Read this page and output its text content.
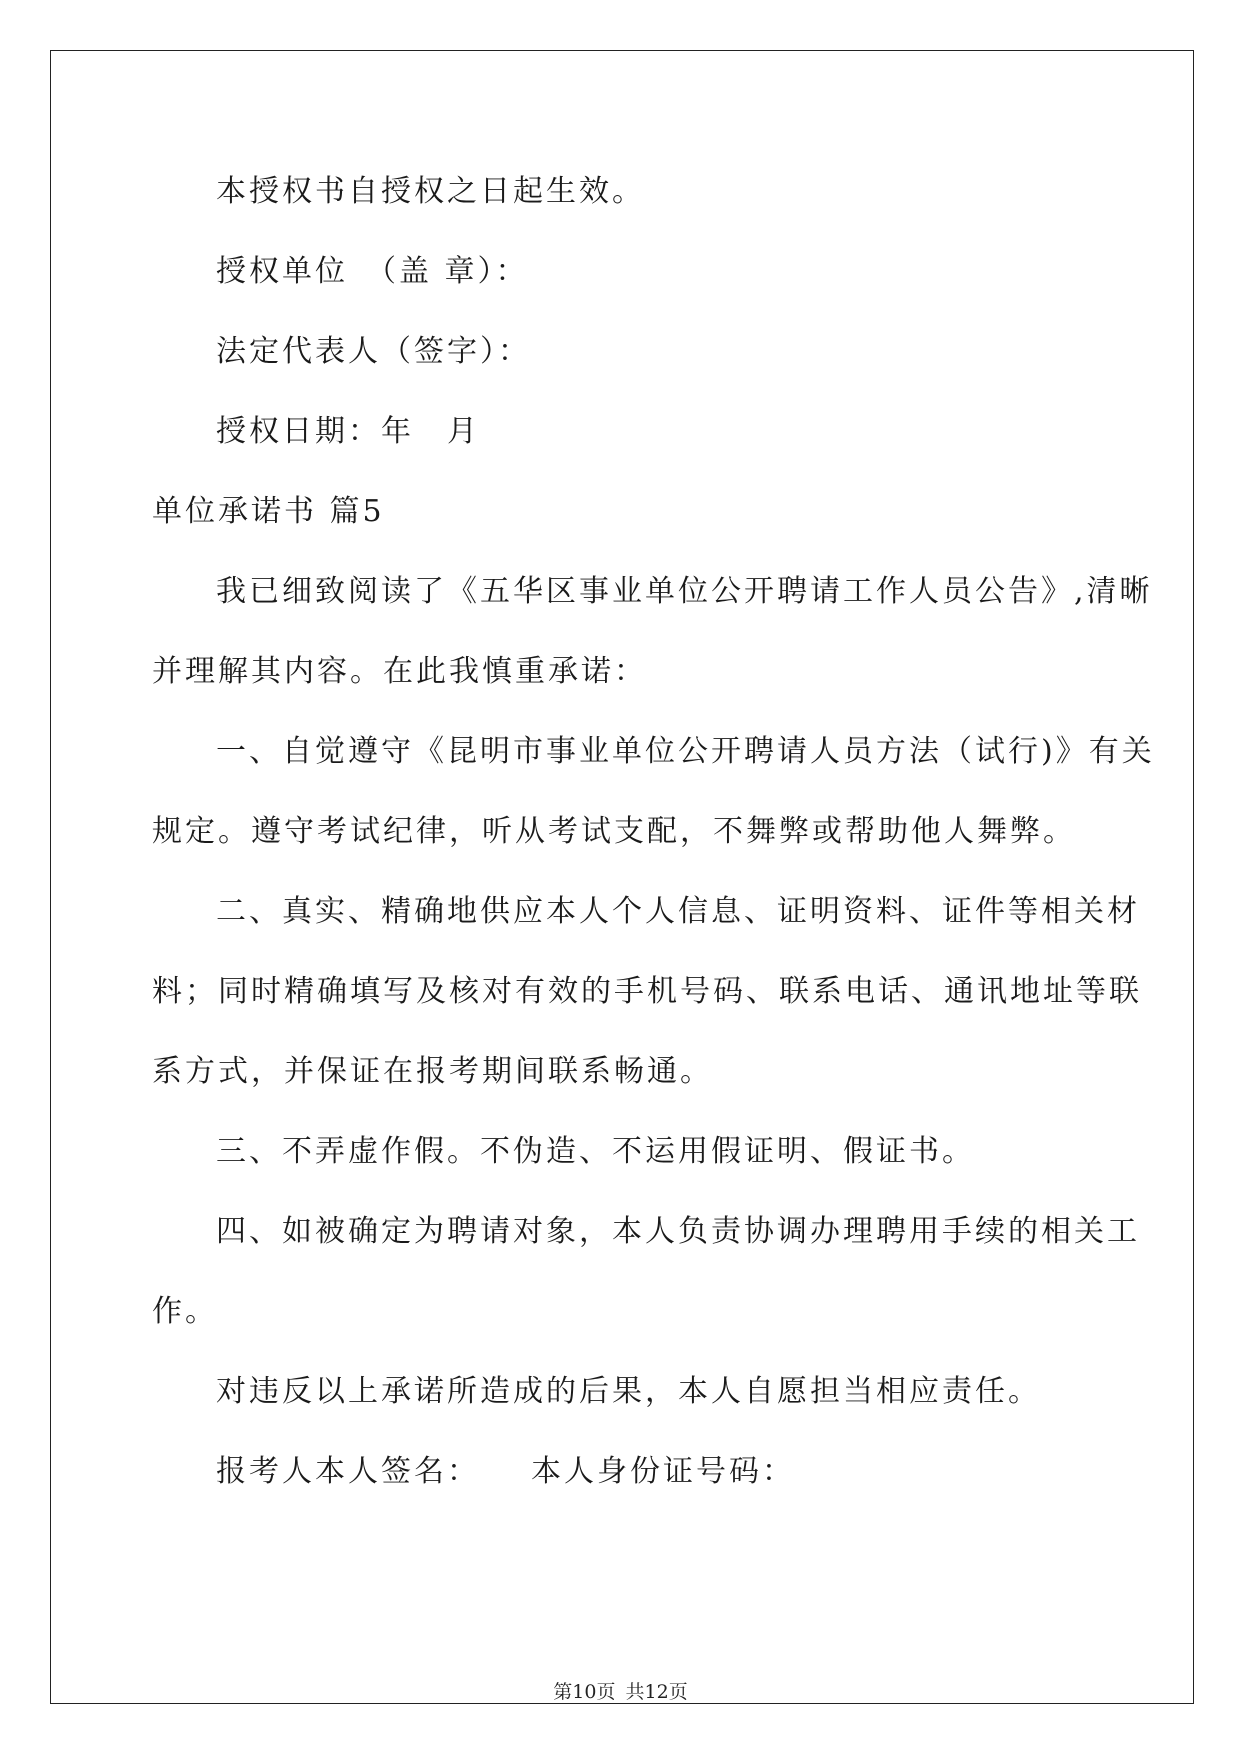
本授权书自授权之日起生效。
授权单位　（盖 章）：
法定代表人（签字）：
授权日期：年　月
单位承诺书 篇5
我已细致阅读了《五华区事业单位公开聘请工作人员公告》,清晰
并理解其内容。在此我慎重承诺：
一、自觉遵守《昆明市事业单位公开聘请人员方法（试行)》有关
规定。遵守考试纪律，听从考试支配，不舞弊或帮助他人舞弊。
二、真实、精确地供应本人个人信息、证明资料、证件等相关材
料；同时精确填写及核对有效的手机号码、联系电话、通讯地址等联
系方式，并保证在报考期间联系畅通。
三、不弄虚作假。不伪造、不运用假证明、假证书。
四、如被确定为聘请对象，本人负责协调办理聘用手续的相关工
作。
对违反以上承诺所造成的后果，本人自愿担当相应责任。
报考人本人签名：　　本人身份证号码：
第10页 共12页
